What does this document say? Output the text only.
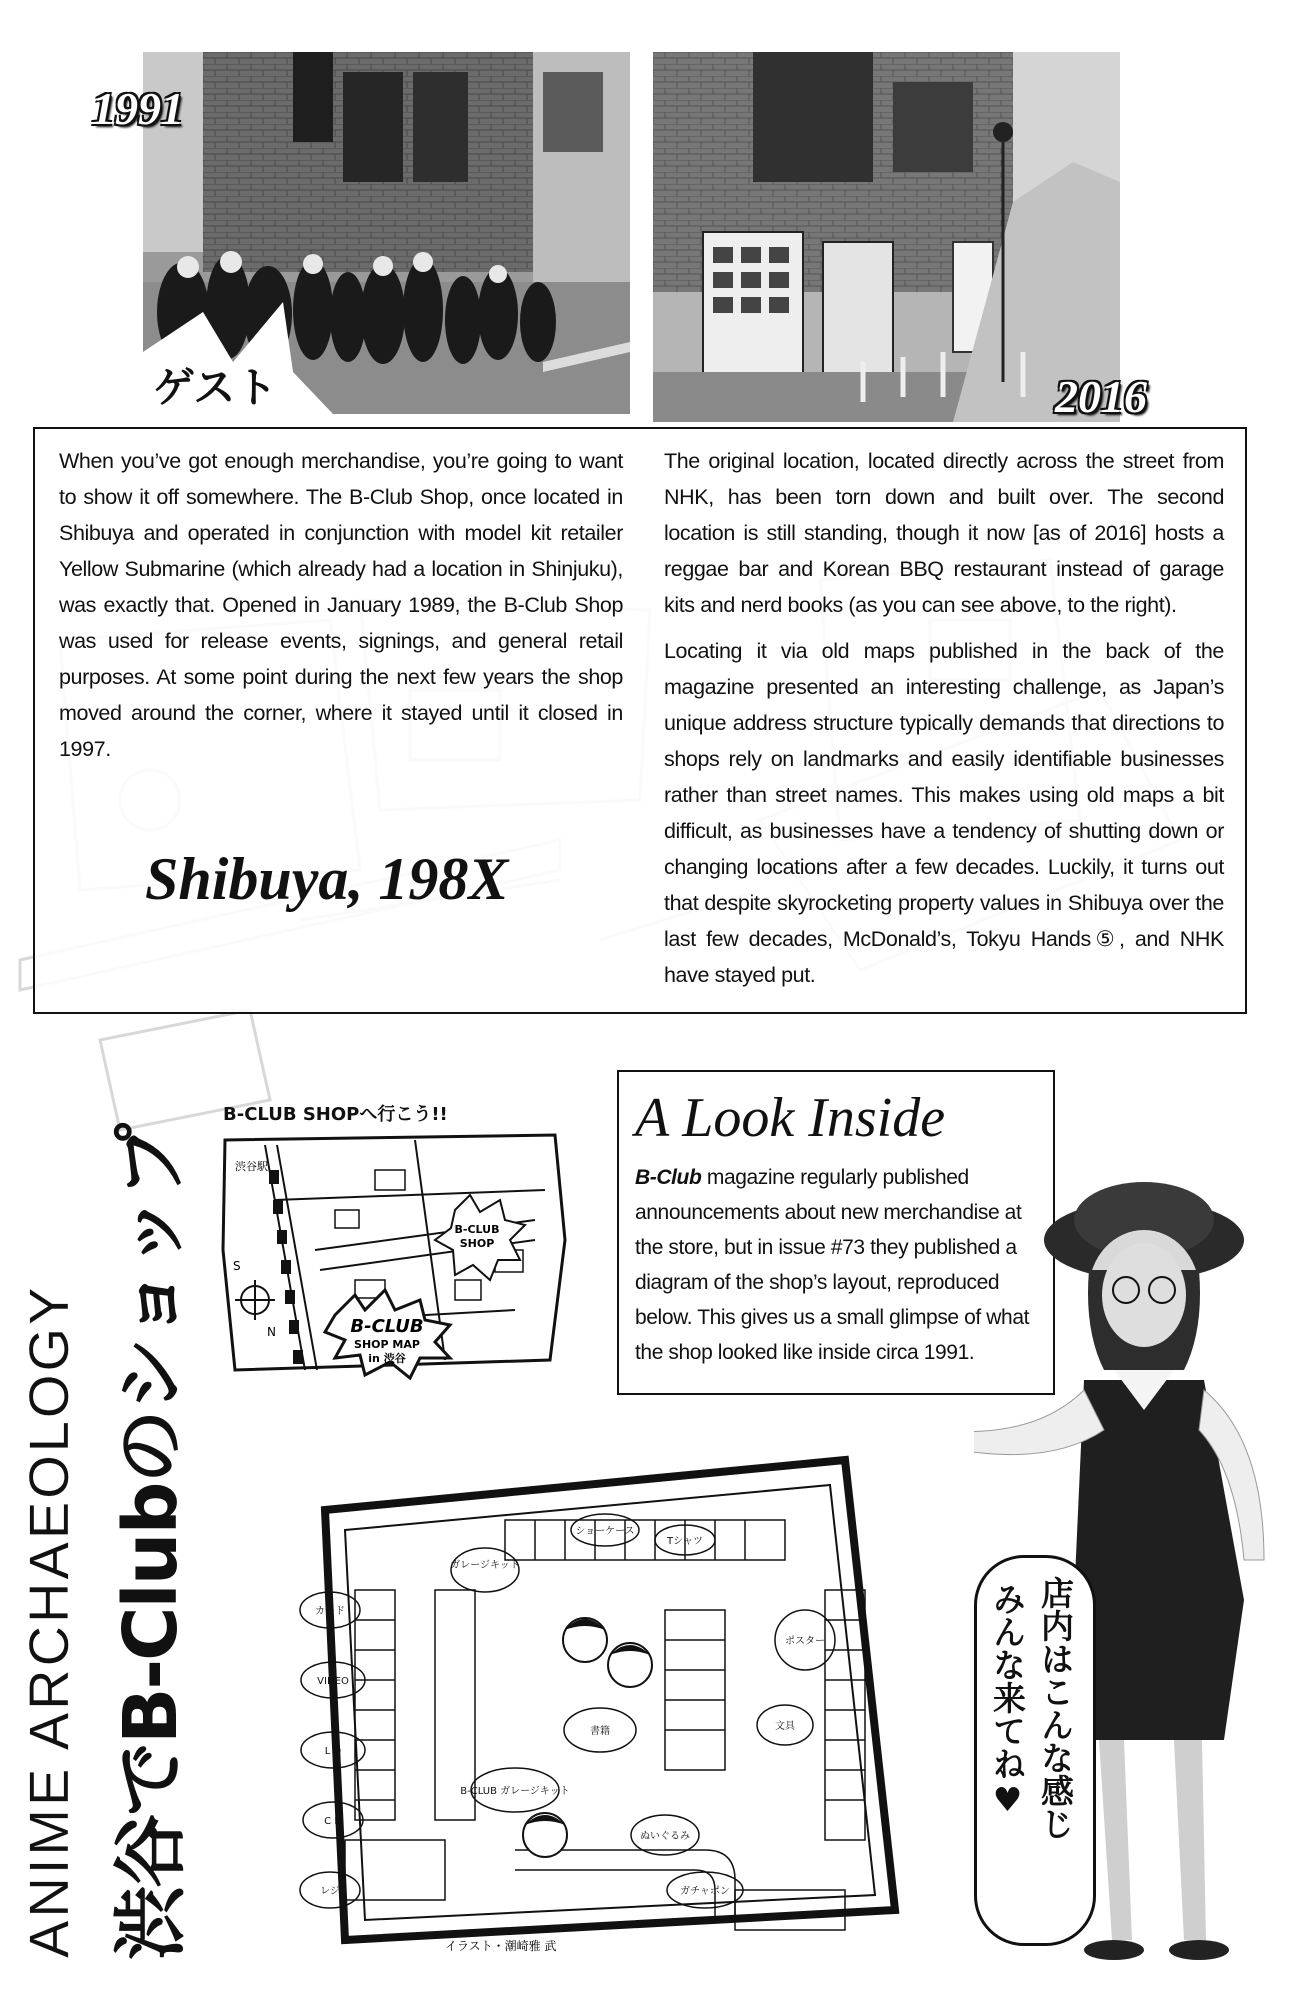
ゲスト
1991
2016

When you’ve got enough merchandise, you’re going to want to show it off somewhere. The B-Club Shop, once located in Shibuya and operated in conjunction with model kit retailer Yellow Submarine (which already had a location in Shinjuku), was exactly that. Opened in January 1989, the B-Club Shop was used for release events, signings, and general retail purposes. At some point during the next few years the shop moved around the corner, where it stayed until it closed in 1997.

The original location, located directly across the street from NHK, has been torn down and built over. The second location is still standing, though it now [as of 2016] hosts a reggae bar and Korean BBQ restaurant instead of garage kits and nerd books (as you can see above, to the right).

Locating it via old maps published in the back of the magazine presented an interesting challenge, as Japan’s unique address structure typically demands that directions to shops rely on landmarks and easily identifiable businesses rather than street names. This makes using old maps a bit difficult, as businesses have a tendency of shutting down or changing locations after a few decades. Luckily, it turns out that despite skyrocketing property values in Shibuya over the last few decades, McDonald’s, Tokyu Hands⑤, and NHK have stayed put.

Shibuya, 198X
ANIME ARCHAEOLOGY 渋谷でB-Clubのショップ
B-CLUB SHOPへ行こう!!
B-CLUB
SHOP
B-CLUB
SHOP MAP
in 渋谷
S
N
渋谷駅
A Look Inside

B-Club magazine regularly published announcements about new merchandise at the store, but in issue #73 they published a diagram of the shop’s layout, reproduced below. This gives us a small glimpse of what the shop looked like inside circa 1991.

ガレージキット
カード
VIDEO
L D
C D
レジ
書籍
ぬいぐるみ
文具
ガチャポン
ショーケース
B-CLUB ガレージキット
Tシャツ
ポスター
イラスト・潮崎雅 武
みんな来てね♥ 店内はこんな感じ
